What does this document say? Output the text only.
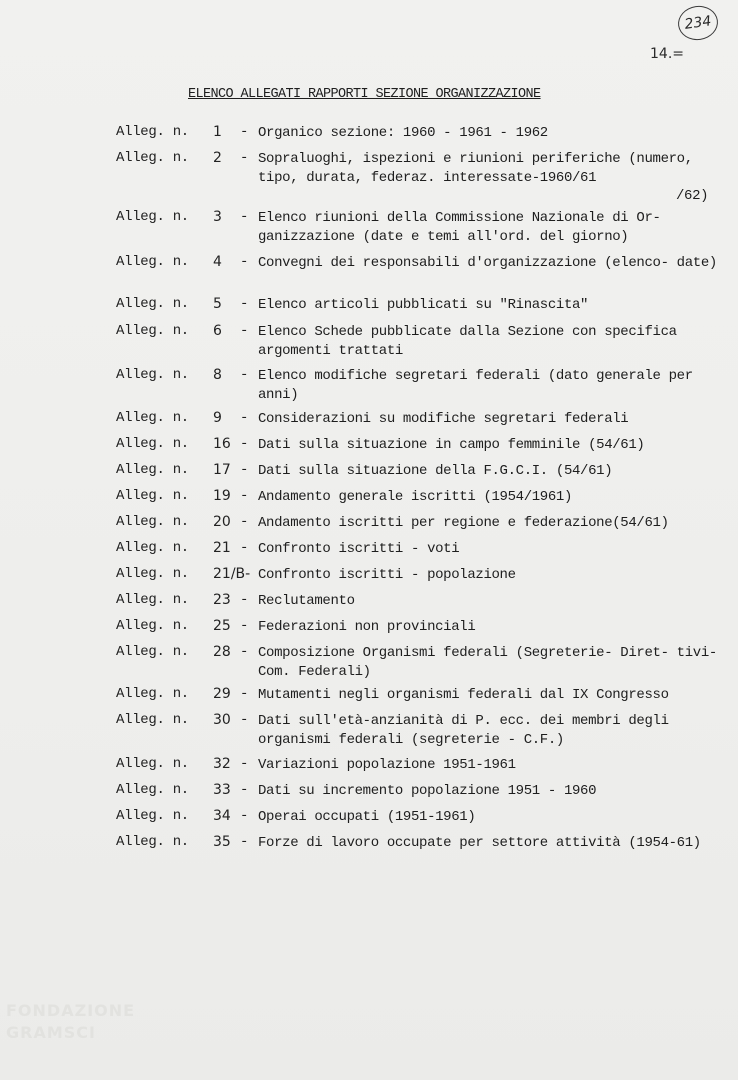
234
14.=
ELENCO ALLEGATI RAPPORTI SEZIONE ORGANIZZAZIONE
Alleg. n. 1 - Organico sezione: 1960 - 1961 - 1962
Alleg. n. 2 - Sopraluoghi, ispezioni e riunioni periferiche (numero, tipo, durata, federaz. interessate-1960/61
/62)
Alleg. n. 3 - Elenco riunioni della Commissione Nazionale di Or- ganizzazione (date e temi all'ord. del giorno)
Alleg. n. 4 - Convegni dei responsabili d'organizzazione (elenco- date)
Alleg. n. 5 - Elenco articoli pubblicati su "Rinascita"
Alleg. n. 6 - Elenco Schede pubblicate dalla Sezione con specifica argomenti trattati
Alleg. n. 8 - Elenco modifiche segretari federali (dato generale per anni)
Alleg. n. 9 - Considerazioni su modifiche segretari federali
Alleg. n. 16 - Dati sulla situazione in campo femminile (54/61)
Alleg. n. 17 - Dati sulla situazione della F.G.C.I. (54/61)
Alleg. n. 19 - Andamento generale iscritti (1954/1961)
Alleg. n. 20 - Andamento iscritti per regione e federazione(54/61)
Alleg. n. 21 - Confronto iscritti - voti
Alleg. n. 21/B- Confronto iscritti - popolazione
Alleg. n. 23 - Reclutamento
Alleg. n. 25 - Federazioni non provinciali
Alleg. n. 28 - Composizione Organismi federali (Segreterie- Diret- tivi-Com. Federali)
Alleg. n. 29 - Mutamenti negli organismi federali dal IX Congresso
Alleg. n. 30 - Dati sull'età-anzianità di P. ecc. dei membri degli organismi federali (segreterie - C.F.)
Alleg. n. 32 - Variazioni popolazione 1951-1961
Alleg. n. 33 - Dati su incremento popolazione 1951 - 1960
Alleg. n. 34 - Operai occupati (1951-1961)
Alleg. n. 35 - Forze di lavoro occupate per settore attività (1954-61)
FONDAZIONE
GRAMSCI
